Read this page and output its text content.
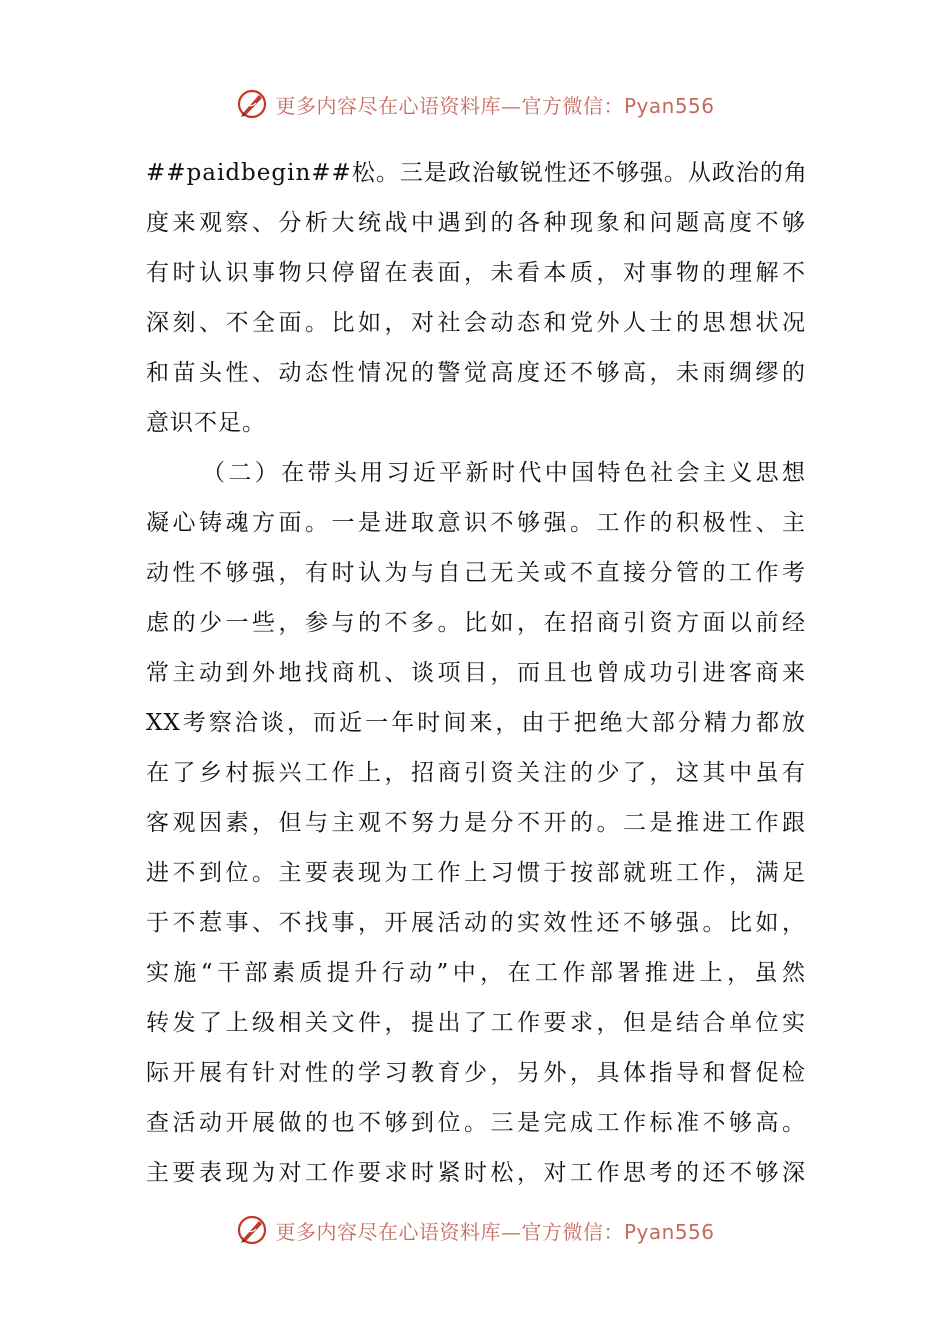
更多内容尽在心语资料库—官方微信：Pyan556
##paidbegin##松。三是政治敏锐性还不够强。从政治的角
度来观察、分析大统战中遇到的各种现象和问题高度不够
有时认识事物只停留在表面，未看本质，对事物的理解不
深刻、不全面。比如，对社会动态和党外人士的思想状况
和苗头性、动态性情况的警觉高度还不够高，未雨绸缪的
意识不足。
（二）在带头用习近平新时代中国特色社会主义思想
凝心铸魂方面。一是进取意识不够强。工作的积极性、主
动性不够强，有时认为与自己无关或不直接分管的工作考
虑的少一些，参与的不多。比如，在招商引资方面以前经
常主动到外地找商机、谈项目，而且也曾成功引进客商来
XX考察洽谈，而近一年时间来，由于把绝大部分精力都放
在了乡村振兴工作上，招商引资关注的少了，这其中虽有
客观因素，但与主观不努力是分不开的。二是推进工作跟
进不到位。主要表现为工作上习惯于按部就班工作，满足
于不惹事、不找事，开展活动的实效性还不够强。比如，
实施“干部素质提升行动”中，在工作部署推进上，虽然
转发了上级相关文件，提出了工作要求，但是结合单位实
际开展有针对性的学习教育少，另外，具体指导和督促检
查活动开展做的也不够到位。三是完成工作标准不够高。
主要表现为对工作要求时紧时松，对工作思考的还不够深
更多内容尽在心语资料库—官方微信：Pyan556
